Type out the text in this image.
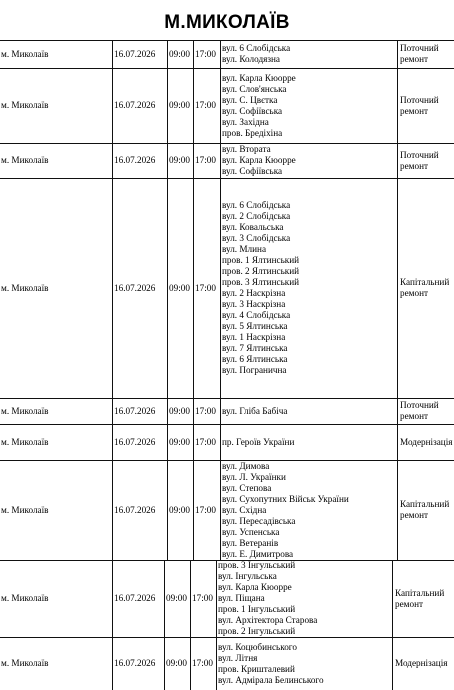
М.МИКОЛАЇВ
м. Миколаїв	16.07.2026	09:00 17:00
вул. 6 Слобідська
вул. Колодязна
Поточний ремонт
м. Миколаїв	16.07.2026	09:00 17:00
вул. Карла Кюорре
вул. Слов'янська
вул. С. Цвєтка
вул. Софіївська
вул. Західна
пров. Бредіхіна
Поточний ремонт
м. Миколаїв	16.07.2026	09:00 17:00
вул. Втората
вул. Карла Кюорре
вул. Софіївська
Поточний ремонт
м. Миколаїв	16.07.2026	09:00 17:00
вул. 6 Слобідська
вул. 2 Слобідська
вул. Ковальська
вул. 3 Слобідська
вул. Млина
пров. 1 Ялтинський
пров. 2 Ялтинський
пров. 3 Ялтинський
вул. 2 Наскрізна
вул. 3 Наскрізна
вул. 4 Слобідська
вул. 5 Ялтинська
вул. 1 Наскрізна
вул. 7 Ялтинська
вул. 6 Ялтинська
вул. Погранична
Капітальний ремонт
м. Миколаїв	16.07.2026	09:00 17:00 вул. Гліба Бабіча
Поточний ремонт
м. Миколаїв	16.07.2026	09:00 17:00 пр. Героїв України	Модернізація
м. Миколаїв	16.07.2026	09:00 17:00
вул. Димова
вул. Л. Українки
вул. Степова
вул. Сухопутних Військ України
вул. Східна
вул. Пересадівська
вул. Успенська
вул. Ветеранів
вул. Е. Димитрова
Капітальний ремонт
м. Миколаїв	16.07.2026	09:00 17:00
пров. 3 Інгульський
вул. Інгульська
вул. Карла Кюорре
вул. Піщана
пров. 1 Інгульський
вул. Архітектора Старова
пров. 2 Інгульський
Капітальний ремонт
м. Миколаїв	16.07.2026	09:00 17:00
вул. Коцюбинського
вул. Літня
пров. Кришталевий
вул. Адмірала Белинського
Модернізація
